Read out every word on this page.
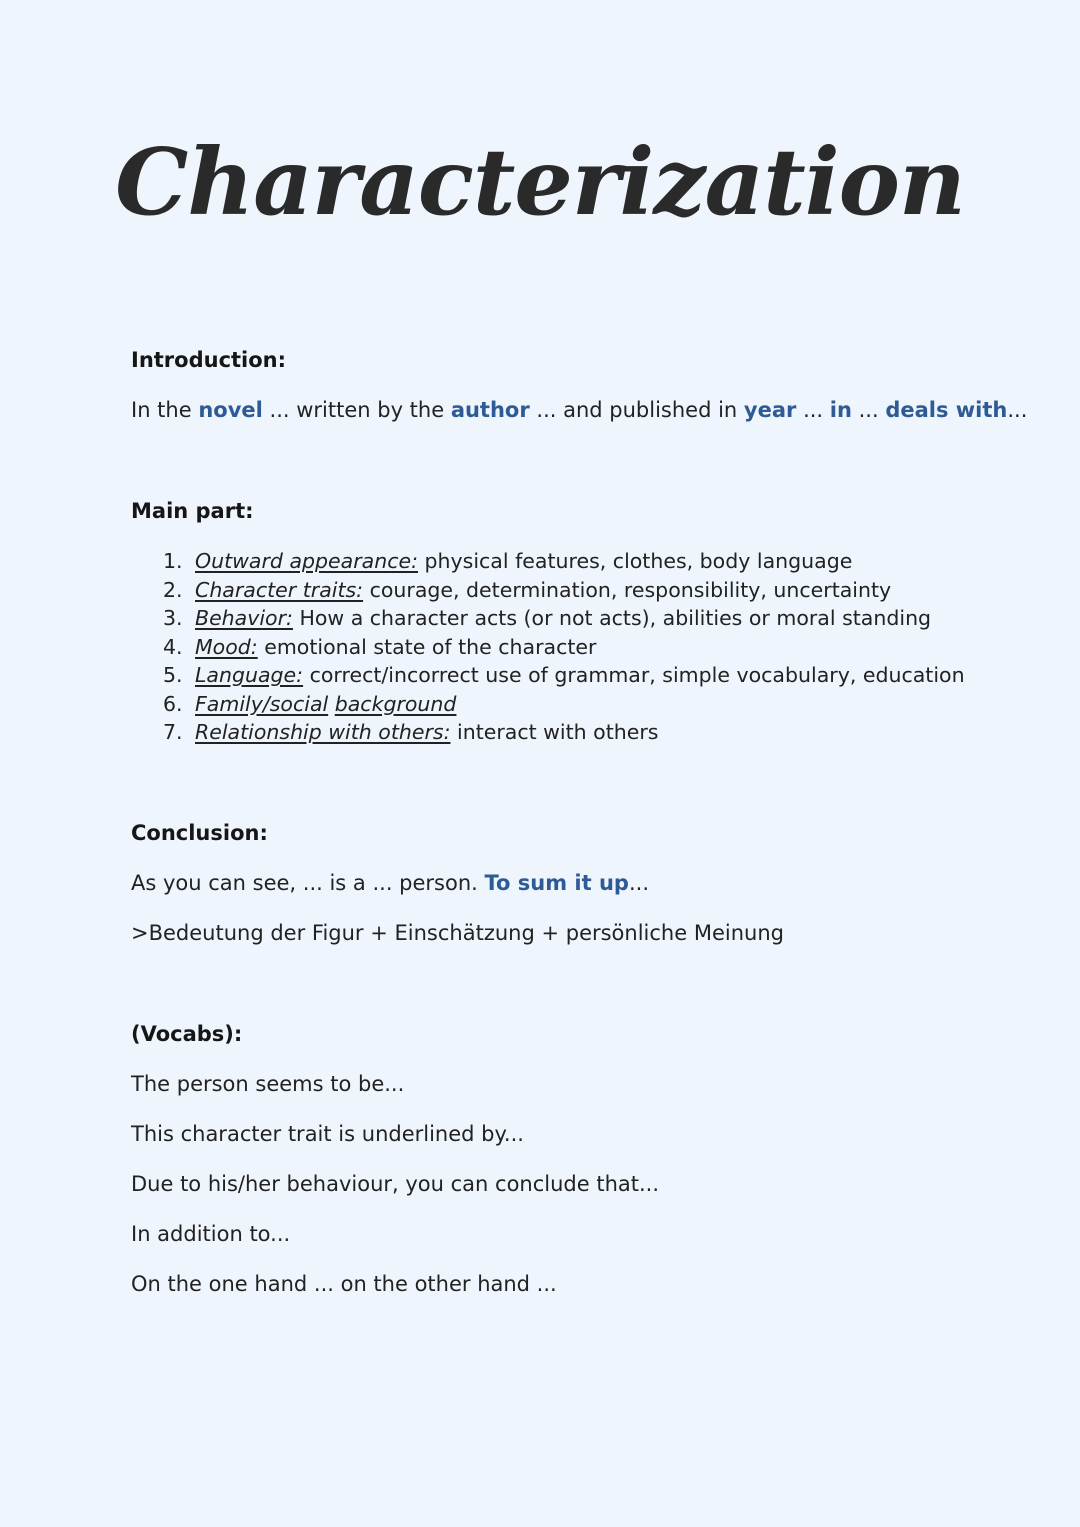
Characterization

Introduction:

In the novel ... written by the author ... and published in year ... in ... deals with...

Main part:

1. Outward appearance: physical features, clothes, body language
2. Character traits: courage, determination, responsibility, uncertainty
3. Behavior: How a character acts (or not acts), abilities or moral standing
4. Mood: emotional state of the character
5. Language: correct/incorrect use of grammar, simple vocabulary, education
6. Family/social background
7. Relationship with others: interact with others

Conclusion:

As you can see, ... is a ... person. To sum it up...

>Bedeutung der Figur + Einschätzung + persönliche Meinung

(Vocabs):

The person seems to be...

This character trait is underlined by...

Due to his/her behaviour, you can conclude that...

In addition to...

On the one hand ... on the other hand ...
